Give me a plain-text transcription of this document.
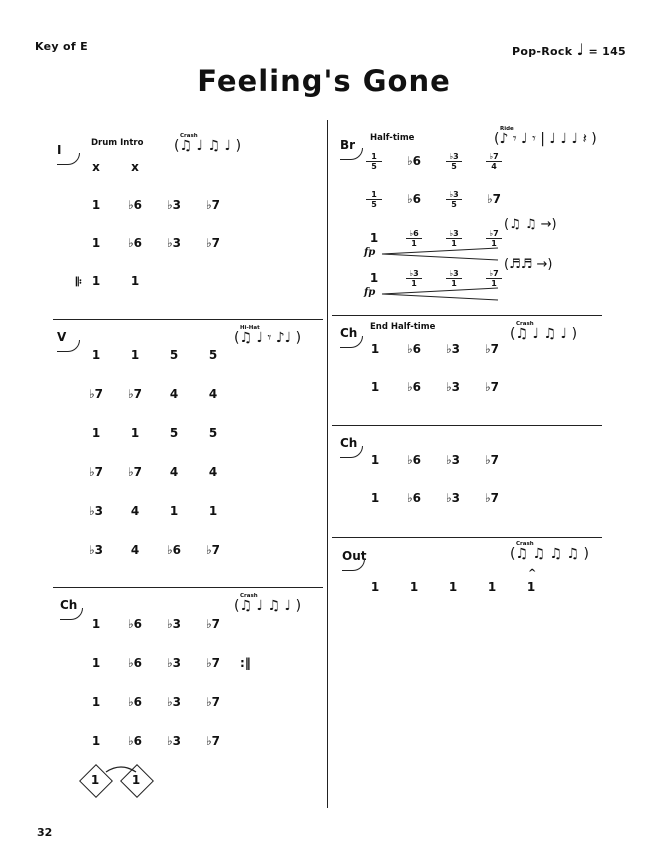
Key of E	Pop-Rock ♩ = 145
Feeling's Gone
I	Drum Intro
Crash
(♫ ♩ ♫ ♩ )
x	x
1	♭6	♭3	♭7
1	♭6	♭3	♭7
1	1
𝄆
V
Hi-Hat
(♫ ♩ 𝄾 ♪♩ )
1	1	5	5
♭7	♭7	4	4
1	1	5	5
♭7	♭7	4	4
♭3	4	1	1
♭3	4	♭6	♭7
Ch
Crash
(♫ ♩ ♫ ♩ )
1	♭6	♭3	♭7
1	♭6	♭3	♭7
1	♭6	♭3	♭7
1	♭6	♭3	♭7
:‖
1	1
Br Half-time
Ride
(♪ 𝄾 ♩ 𝄾 | ♩ ♩ ♩ 𝄽 )
$\frac{1}{5}$	♭6	$\frac{♭3}{5}$	$\frac{♭7}{4}$
$\frac{1}{5}$	♭6	$\frac{♭3}{5}$	♭7
1	$\frac{♭6}{1}$	$\frac{♭3}{1}$	$\frac{♭7}{1}$
fp
(♫ ♫ →)
1	$\frac{♭3}{1}$	$\frac{♭3}{1}$	$\frac{♭7}{1}$
fp
(♬♬ →)
Ch End Half-time	Crash
(♫ ♩ ♫ ♩ )
1	♭6	♭3	♭7
1	♭6	♭3	♭7
Ch
1	♭6	♭3	♭7
1	♭6	♭3	♭7
Out
Crash
(♫ ♫ ♫ ♫ )
1	1	1	1	1
^
32
